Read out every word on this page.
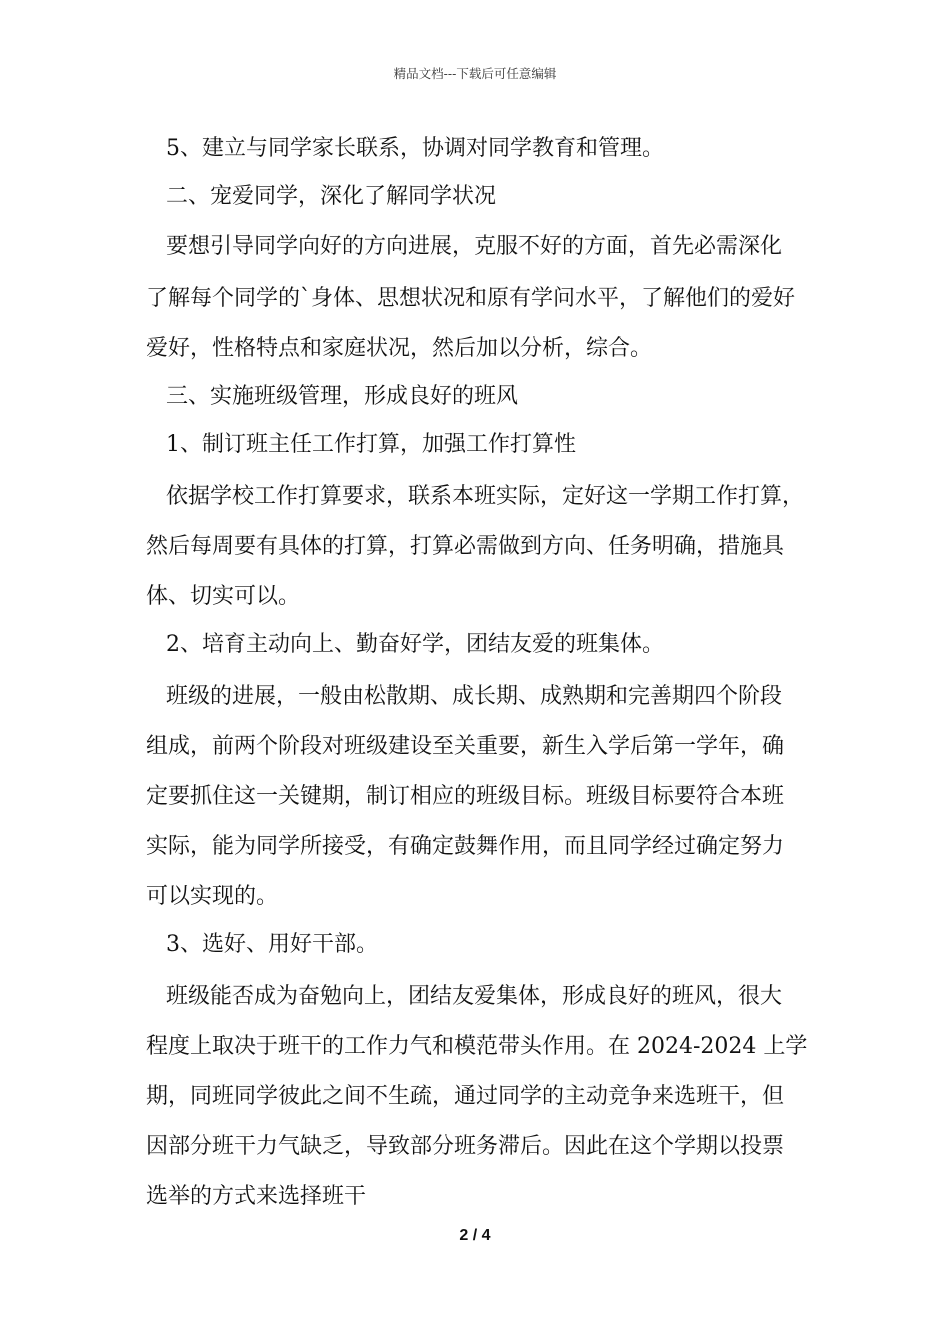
精品文档---下载后可任意编辑
5、建立与同学家长联系，协调对同学教育和管理。
二、宠爱同学，深化了解同学状况
要想引导同学向好的方向进展，克服不好的方面，首先必需深化
了解每个同学的`身体、思想状况和原有学问水平，了解他们的爱好
爱好，性格特点和家庭状况，然后加以分析，综合。
三、实施班级管理，形成良好的班风
1、制订班主任工作打算，加强工作打算性
依据学校工作打算要求，联系本班实际，定好这一学期工作打算，
然后每周要有具体的打算，打算必需做到方向、任务明确，措施具
体、切实可以。
2、培育主动向上、勤奋好学，团结友爱的班集体。
班级的进展，一般由松散期、成长期、成熟期和完善期四个阶段
组成，前两个阶段对班级建设至关重要，新生入学后第一学年，确
定要抓住这一关键期，制订相应的班级目标。班级目标要符合本班
实际，能为同学所接受，有确定鼓舞作用，而且同学经过确定努力
可以实现的。
3、选好、用好干部。
班级能否成为奋勉向上，团结友爱集体，形成良好的班风，很大
程度上取决于班干的工作力气和模范带头作用。在 2024-2024 上学
期，同班同学彼此之间不生疏，通过同学的主动竞争来选班干，但
因部分班干力气缺乏，导致部分班务滞后。因此在这个学期以投票
选举的方式来选择班干
2 / 4
